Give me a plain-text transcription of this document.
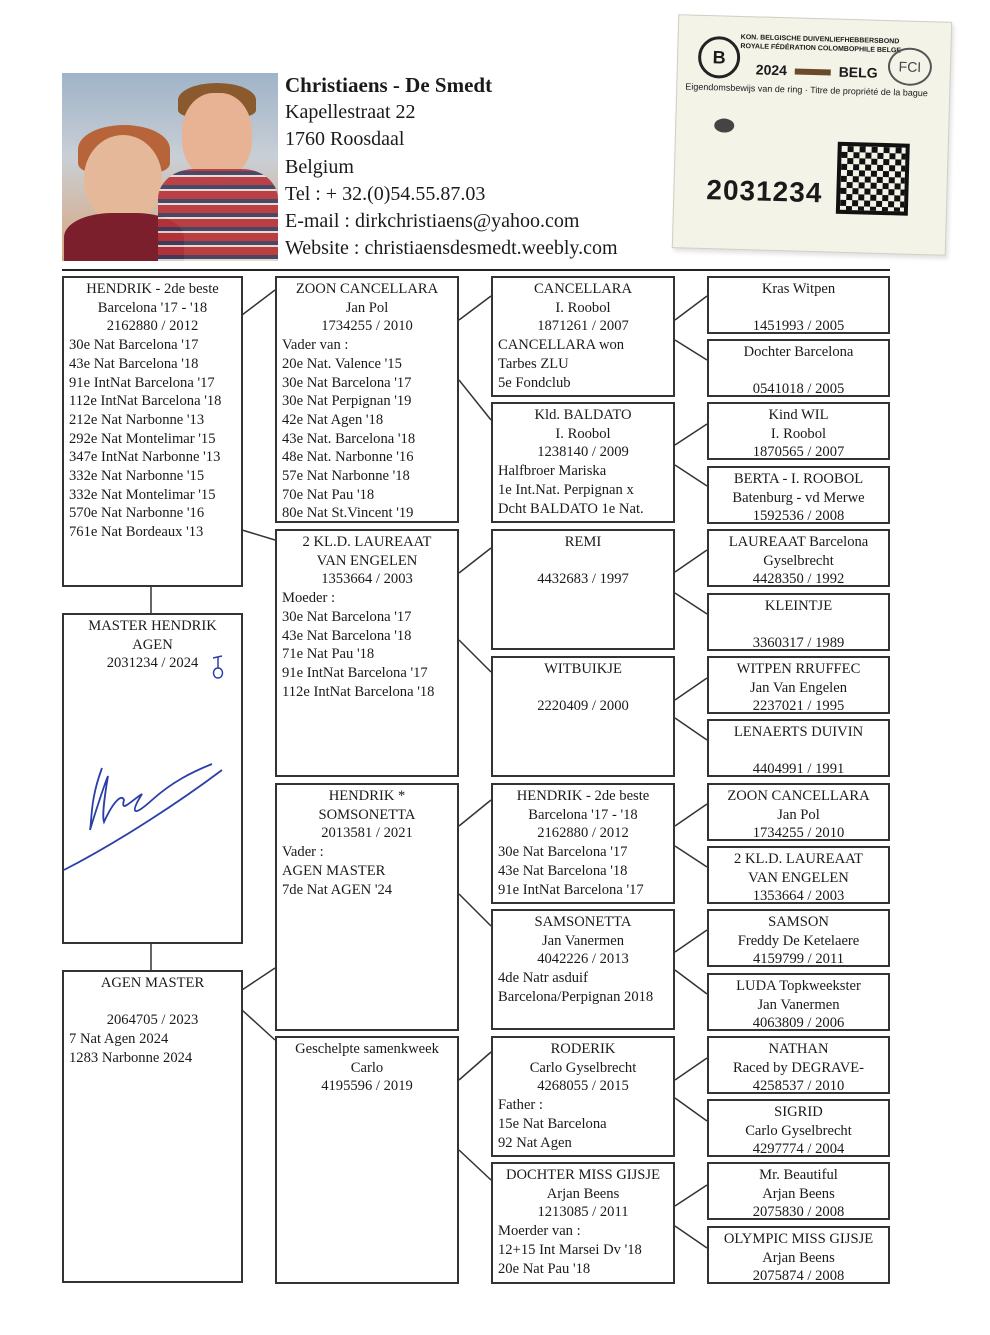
Christiaens - De Smedt
Kapellestraat 22
1760 Roosdaal
Belgium
Tel : + 32.(0)54.55.87.03
E-mail : dirkchristiaens@yahoo.com
Website : christiaensdesmedt.weebly.com
B
KON. BELGISCHE DUIVENLIEFHEBBERSBOND
ROYALE FÉDÉRATION COLOMBOPHILE BELGE
2024	BELG
Eigendomsbewijs van de ring · Titre de propriété de la bague
FCI
2031234
HENDRIK - 2de beste
Barcelona '17 - '18
2162880 / 2012
30e Nat Barcelona '17
43e Nat Barcelona '18
91e IntNat Barcelona '17
112e IntNat Barcelona '18
212e Nat Narbonne '13
292e Nat Montelimar '15
347e IntNat Narbonne '13
332e Nat Narbonne '15
332e Nat Montelimar '15
570e Nat Narbonne '16
761e Nat Bordeaux '13
MASTER HENDRIK
AGEN
2031234 / 2024
AGEN MASTER

2064705 / 2023
7 Nat Agen 2024
1283 Narbonne 2024
ZOON CANCELLARA
Jan Pol
1734255 / 2010
Vader van :
20e Nat. Valence '15
30e Nat Barcelona '17
30e Nat Perpignan '19
42e Nat Agen '18
43e Nat. Barcelona '18
48e Nat. Narbonne '16
57e Nat Narbonne '18
70e Nat Pau '18
80e Nat St.Vincent '19
2 KL.D. LAUREAAT
VAN ENGELEN
1353664 / 2003
Moeder :
30e Nat Barcelona '17
43e Nat Barcelona '18
71e Nat Pau '18
91e IntNat Barcelona '17
112e IntNat Barcelona '18
HENDRIK *
SOMSONETTA
2013581 / 2021
Vader :
AGEN MASTER
7de Nat AGEN '24
Geschelpte samenkweek
Carlo
4195596 / 2019
CANCELLARA
I. Roobol
1871261 / 2007
CANCELLARA won
Tarbes ZLU
5e Fondclub
Kld. BALDATO
I. Roobol
1238140 / 2009
Halfbroer Mariska
1e Int.Nat. Perpignan x
Dcht BALDATO 1e Nat.
REMI

4432683 / 1997
WITBUIKJE

2220409 / 2000
HENDRIK - 2de beste
Barcelona '17 - '18
2162880 / 2012
30e Nat Barcelona '17
43e Nat Barcelona '18
91e IntNat Barcelona '17
SAMSONETTA
Jan Vanermen
4042226 / 2013
4de Natr asduif
Barcelona/Perpignan 2018
RODERIK
Carlo Gyselbrecht
4268055 / 2015
Father :
15e Nat Barcelona
92 Nat Agen
DOCHTER MISS GIJSJE
Arjan Beens
1213085 / 2011
Moerder van :
12+15 Int Marsei Dv '18
20e Nat Pau '18
Kras Witpen

1451993 / 2005
Dochter Barcelona

0541018 / 2005
Kind WIL
I. Roobol
1870565 / 2007
BERTA - I. ROOBOL
Batenburg - vd Merwe
1592536 / 2008
LAUREAAT Barcelona
Gyselbrecht
4428350 / 1992
KLEINTJE

3360317 / 1989
WITPEN RRUFFEC
Jan Van Engelen
2237021 / 1995
LENAERTS DUIVIN

4404991 / 1991
ZOON CANCELLARA
Jan Pol
1734255 / 2010
2 KL.D. LAUREAAT
VAN ENGELEN
1353664 / 2003
SAMSON
Freddy De Ketelaere
4159799 / 2011
LUDA Topkweekster
Jan Vanermen
4063809 / 2006
NATHAN
Raced by DEGRAVE-
4258537 / 2010
SIGRID
Carlo Gyselbrecht
4297774 / 2004
Mr. Beautiful
Arjan Beens
2075830 / 2008
OLYMPIC MISS GIJSJE
Arjan Beens
2075874 / 2008
